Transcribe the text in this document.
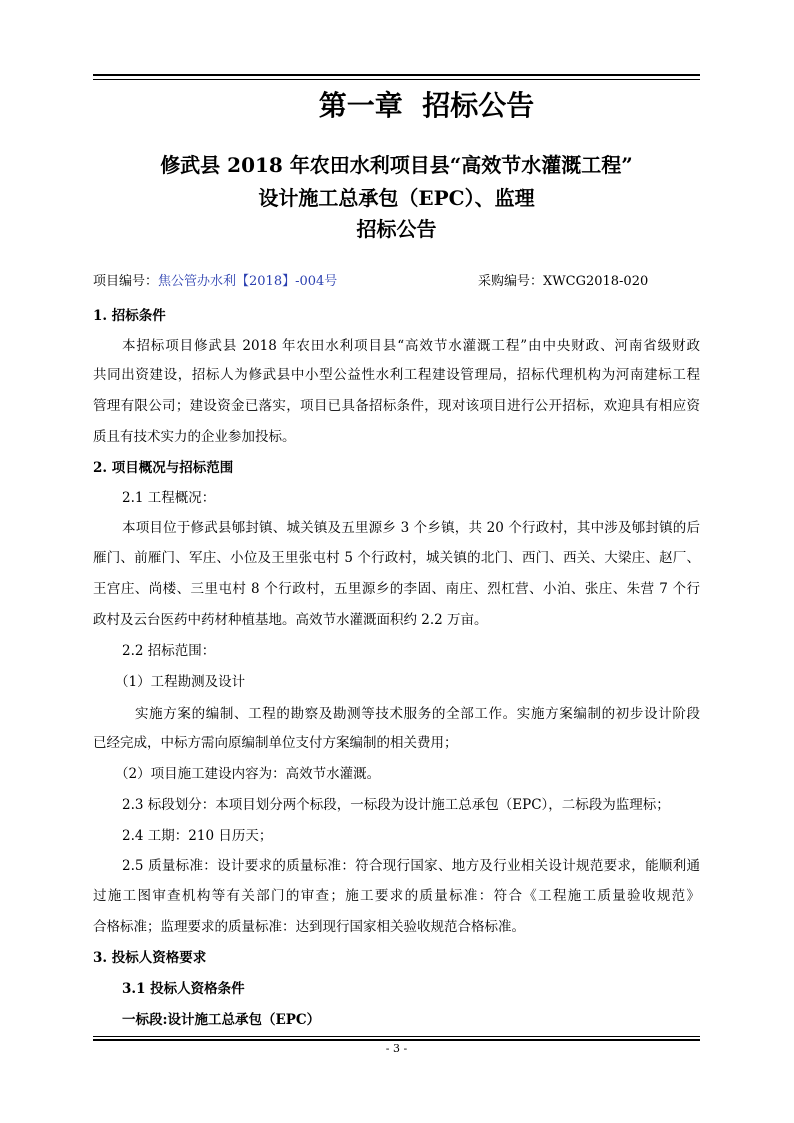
第一章  招标公告
修武县 2018 年农田水利项目县“高效节水灌溉工程”
设计施工总承包（EPC）、监理
招标公告
项目编号：焦公管办水利【2018】-004号	采购编号：XWCG2018-020
1. 招标条件
本招标项目修武县 2018 年农田水利项目县“高效节水灌溉工程”由中央财政、河南省级财政
共同出资建设，招标人为修武县中小型公益性水利工程建设管理局，招标代理机构为河南建标工程
管理有限公司；建设资金已落实，项目已具备招标条件，现对该项目进行公开招标，欢迎具有相应资
质且有技术实力的企业参加投标。
2. 项目概况与招标范围
2.1 工程概况：
本项目位于修武县郇封镇、城关镇及五里源乡 3 个乡镇，共 20 个行政村，其中涉及郇封镇的后
雁门、前雁门、军庄、小位及王里张屯村 5 个行政村，城关镇的北门、西门、西关、大梁庄、赵厂、
王宫庄、尚楼、三里屯村 8 个行政村，五里源乡的李固、南庄、烈杠营、小泊、张庄、朱营 7 个行
政村及云台医药中药材种植基地。高效节水灌溉面积约 2.2 万亩。
2.2 招标范围：
（1）工程勘测及设计
实施方案的编制、工程的勘察及勘测等技术服务的全部工作。实施方案编制的初步设计阶段
已经完成，中标方需向原编制单位支付方案编制的相关费用；
（2）项目施工建设内容为：高效节水灌溉。
2.3 标段划分：本项目划分两个标段，一标段为设计施工总承包（EPC），二标段为监理标；
2.4 工期：210 日历天；
2.5 质量标准：设计要求的质量标准：符合现行国家、地方及行业相关设计规范要求，能顺利通
过施工图审查机构等有关部门的审查；施工要求的质量标准：符合《工程施工质量验收规范》
合格标准；监理要求的质量标准：达到现行国家相关验收规范合格标准。
3. 投标人资格要求
3.1 投标人资格条件
一标段:设计施工总承包（EPC）
- 3 -
